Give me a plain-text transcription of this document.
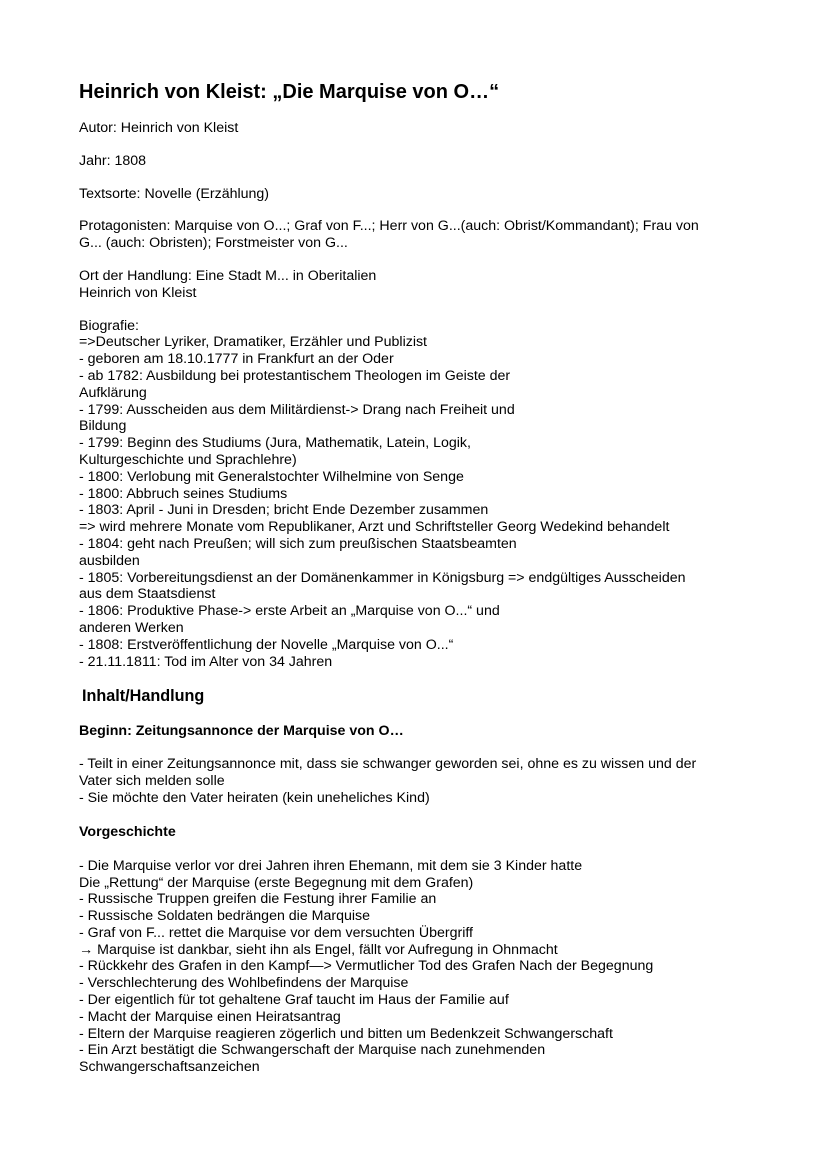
Heinrich von Kleist: „Die Marquise von O…“

Autor: Heinrich von Kleist

Jahr: 1808

Textsorte: Novelle (Erzählung)

Protagonisten: Marquise von O...; Graf von F...; Herr von G...(auch: Obrist/Kommandant); Frau von
G... (auch: Obristen); Forstmeister von G...
Ort der Handlung: Eine Stadt M... in Oberitalien
Heinrich von Kleist
Biografie:
=>Deutscher Lyriker, Dramatiker, Erzähler und Publizist
- geboren am 18.10.1777 in Frankfurt an der Oder
- ab 1782: Ausbildung bei protestantischem Theologen im Geiste der
Aufklärung
- 1799: Ausscheiden aus dem Militärdienst-> Drang nach Freiheit und
Bildung
- 1799: Beginn des Studiums (Jura, Mathematik, Latein, Logik,
Kulturgeschichte und Sprachlehre)
- 1800: Verlobung mit Generalstochter Wilhelmine von Senge
- 1800: Abbruch seines Studiums
- 1803: April - Juni in Dresden; bricht Ende Dezember zusammen
=> wird mehrere Monate vom Republikaner, Arzt und Schriftsteller Georg Wedekind behandelt
- 1804: geht nach Preußen; will sich zum preußischen Staatsbeamten
ausbilden
- 1805: Vorbereitungsdienst an der Domänenkammer in Königsburg => endgültiges Ausscheiden
aus dem Staatsdienst
- 1806: Produktive Phase-> erste Arbeit an „Marquise von O...“ und
anderen Werken
- 1808: Erstveröffentlichung der Novelle „Marquise von O...“
- 21.11.1811: Tod im Alter von 34 Jahren
Inhalt/Handlung
Beginn: Zeitungsannonce der Marquise von O…
- Teilt in einer Zeitungsannonce mit, dass sie schwanger geworden sei, ohne es zu wissen und der
Vater sich melden solle
- Sie möchte den Vater heiraten (kein uneheliches Kind)
Vorgeschichte
- Die Marquise verlor vor drei Jahren ihren Ehemann, mit dem sie 3 Kinder hatte
Die „Rettung“ der Marquise (erste Begegnung mit dem Grafen)
- Russische Truppen greifen die Festung ihrer Familie an
- Russische Soldaten bedrängen die Marquise
- Graf von F... rettet die Marquise vor dem versuchten Übergriff
→ Marquise ist dankbar, sieht ihn als Engel, fällt vor Aufregung in Ohnmacht
- Rückkehr des Grafen in den Kampf—> Vermutlicher Tod des Grafen Nach der Begegnung
- Verschlechterung des Wohlbefindens der Marquise
- Der eigentlich für tot gehaltene Graf taucht im Haus der Familie auf
- Macht der Marquise einen Heiratsantrag
- Eltern der Marquise reagieren zögerlich und bitten um Bedenkzeit Schwangerschaft
- Ein Arzt bestätigt die Schwangerschaft der Marquise nach zunehmenden
Schwangerschaftsanzeichen
